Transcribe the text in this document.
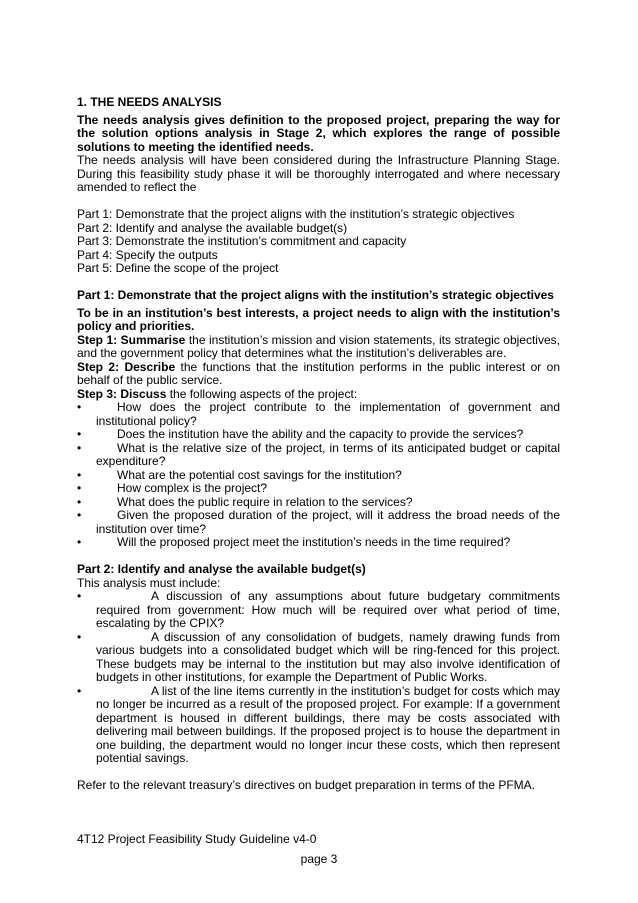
1. THE NEEDS ANALYSIS

The needs analysis gives definition to the proposed project, preparing the way for the solution options analysis in Stage 2, which explores the range of possible solutions to meeting the identified needs.

The needs analysis will have been considered during the Infrastructure Planning Stage. During this feasibility study phase it will be thoroughly interrogated and where necessary amended to reflect the

Part 1: Demonstrate that the project aligns with the institution’s strategic objectives

Part 2: Identify and analyse the available budget(s)

Part 3: Demonstrate the institution’s commitment and capacity

Part 4: Specify the outputs

Part 5: Define the scope of the project

Part 1: Demonstrate that the project aligns with the institution’s strategic objectives

To be in an institution’s best interests, a project needs to align with the institution’s policy and priorities.

Step 1: Summarise the institution’s mission and vision statements, its strategic objectives, and the government policy that determines what the institution’s deliverables are.

Step 2: Describe the functions that the institution performs in the public interest or on behalf of the public service.

Step 3: Discuss the following aspects of the project:

•	How does the project contribute to the implementation of government and institutional policy?
•	Does the institution have the ability and the capacity to provide the services?
•	What is the relative size of the project, in terms of its anticipated budget or capital expenditure?
•	What are the potential cost savings for the institution?
•	How complex is the project?
•	What does the public require in relation to the services?
•	Given the proposed duration of the project, will it address the broad needs of the institution over time?
•	Will the proposed project meet the institution’s needs in the time required?

Part 2: Identify and analyse the available budget(s)

This analysis must include:

•	A discussion of any assumptions about future budgetary commitments required from government: How much will be required over what period of time, escalating by the CPIX?
•	A discussion of any consolidation of budgets, namely drawing funds from various budgets into a consolidated budget which will be ring-fenced for this project. These budgets may be internal to the institution but may also involve identification of budgets in other institutions, for example the Department of Public Works.
•	A list of the line items currently in the institution’s budget for costs which may no longer be incurred as a result of the proposed project. For example: If a government department is housed in different buildings, there may be costs associated with delivering mail between buildings. If the proposed project is to house the department in one building, the department would no longer incur these costs, which then represent potential savings.

Refer to the relevant treasury’s directives on budget preparation in terms of the PFMA.

4T12 Project Feasibility Study Guideline v4-0
page 3
